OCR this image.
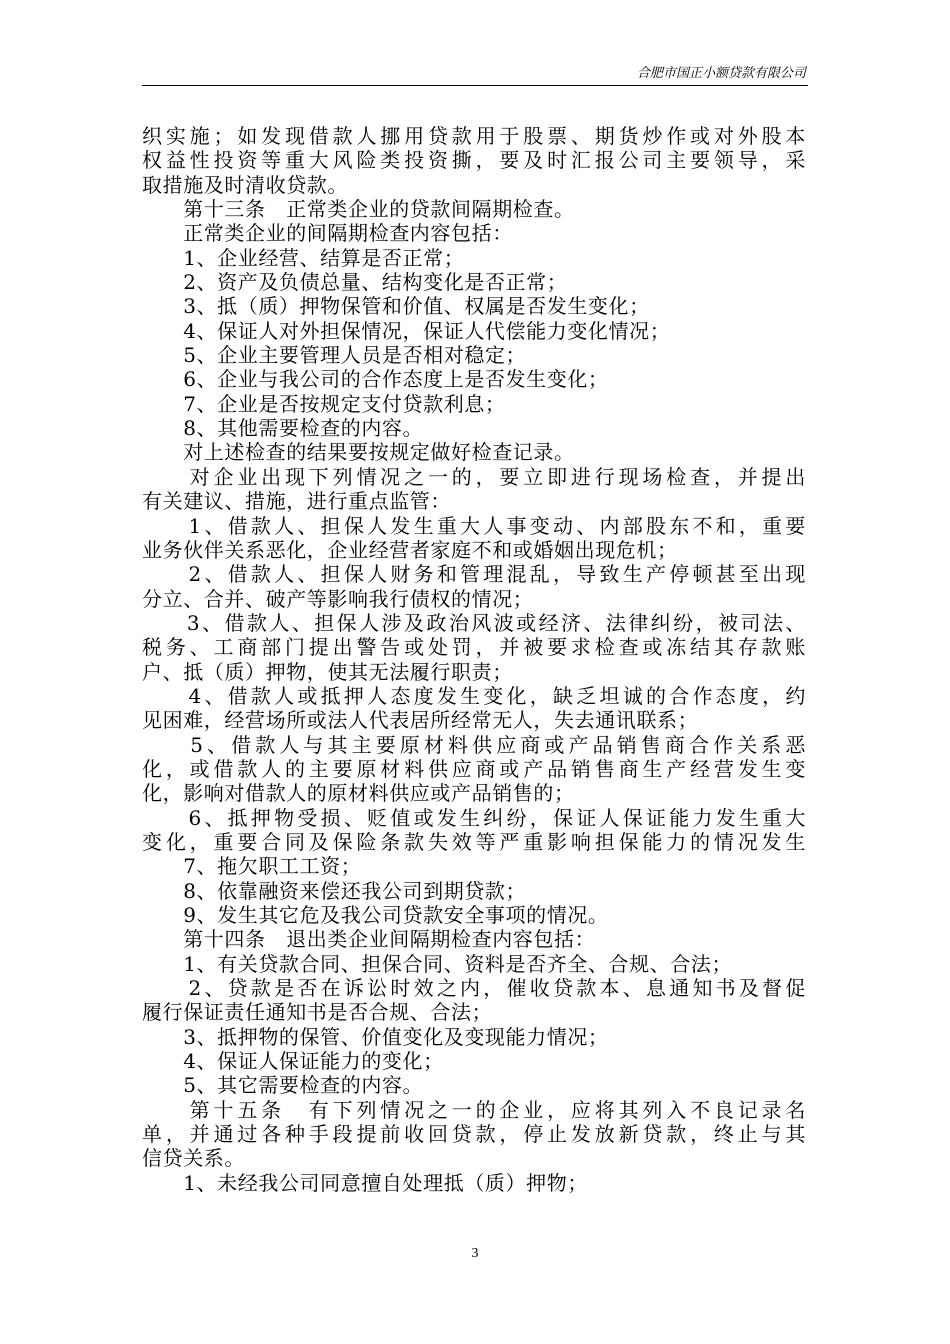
合肥市国正小额贷款有限公司
织实施；如发现借款人挪用贷款用于股票、期货炒作或对外股本
权益性投资等重大风险类投资撕，要及时汇报公司主要领导，采
取措施及时清收贷款。
　　第十三条　正常类企业的贷款间隔期检查。
　　正常类企业的间隔期检查内容包括：
　　1、企业经营、结算是否正常；
　　2、资产及负债总量、结构变化是否正常；
　　3、抵（质）押物保管和价值、权属是否发生变化；
　　4、保证人对外担保情况，保证人代偿能力变化情况；
　　5、企业主要管理人员是否相对稳定；
　　6、企业与我公司的合作态度上是否发生变化；
　　7、企业是否按规定支付贷款利息；
　　8、其他需要检查的内容。
　　对上述检查的结果要按规定做好检查记录。
　　对企业出现下列情况之一的，要立即进行现场检查，并提出
有关建议、措施，进行重点监管：
　　1、借款人、担保人发生重大人事变动、内部股东不和，重要
业务伙伴关系恶化，企业经营者家庭不和或婚姻出现危机；
　　2、借款人、担保人财务和管理混乱，导致生产停顿甚至出现
分立、合并、破产等影响我行债权的情况；
　　3、借款人、担保人涉及政治风波或经济、法律纠纷，被司法、
税务、工商部门提出警告或处罚，并被要求检查或冻结其存款账
户、抵（质）押物，使其无法履行职责；
　　4、借款人或抵押人态度发生变化，缺乏坦诚的合作态度，约
见困难，经营场所或法人代表居所经常无人，失去通讯联系；
　　5、借款人与其主要原材料供应商或产品销售商合作关系恶
化，或借款人的主要原材料供应商或产品销售商生产经营发生变
化，影响对借款人的原材料供应或产品销售的；
　　6、抵押物受损、贬值或发生纠纷，保证人保证能力发生重大
变化，重要合同及保险条款失效等严重影响担保能力的情况发生
　　7、拖欠职工工资；
　　8、依靠融资来偿还我公司到期贷款；
　　9、发生其它危及我公司贷款安全事项的情况。
　　第十四条　退出类企业间隔期检查内容包括：
　　1、有关贷款合同、担保合同、资料是否齐全、合规、合法；
　　2、贷款是否在诉讼时效之内，催收贷款本、息通知书及督促
履行保证责任通知书是否合规、合法；
　　3、抵押物的保管、价值变化及变现能力情况；
　　4、保证人保证能力的变化；
　　5、其它需要检查的内容。
　　第十五条　有下列情况之一的企业，应将其列入不良记录名
单，并通过各种手段提前收回贷款，停止发放新贷款，终止与其
信贷关系。
　　1、未经我公司同意擅自处理抵（质）押物；
3
